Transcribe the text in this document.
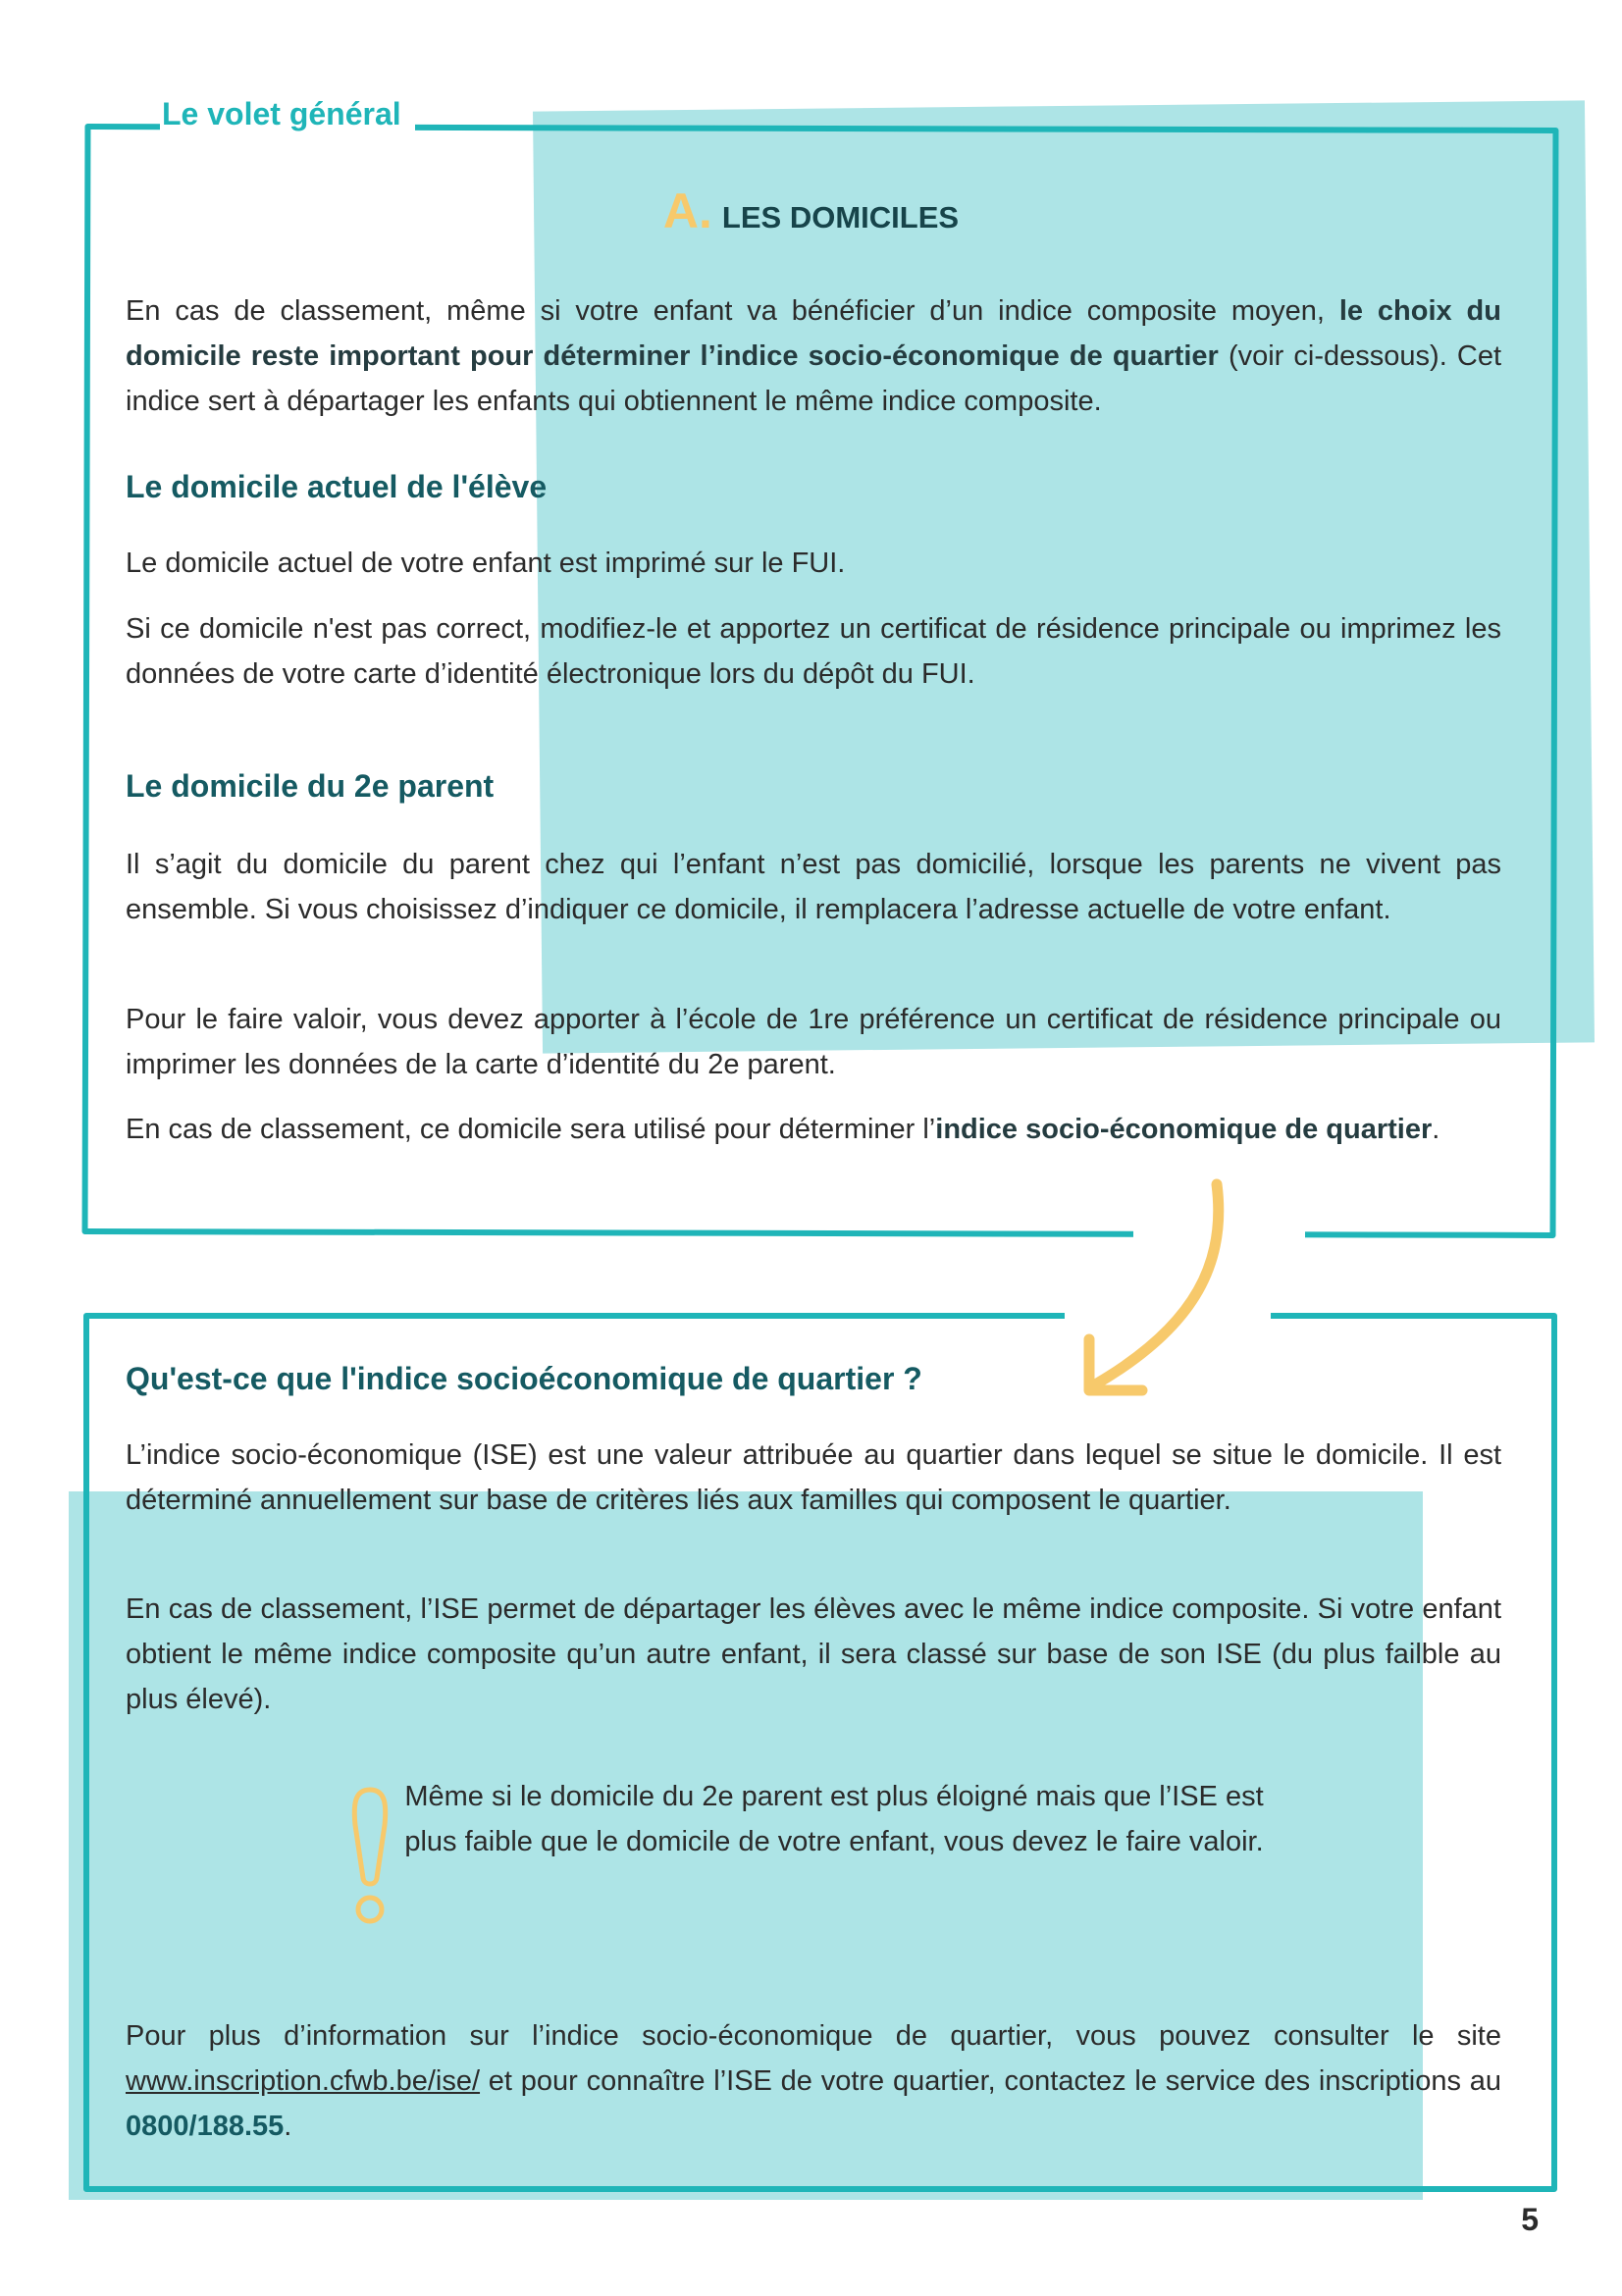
Le volet général
A. LES DOMICILES
En cas de classement, même si votre enfant va bénéficier d’un indice composite moyen, le choix du domicile reste important pour déterminer l’indice socio-économique de quartier (voir ci-dessous). Cet indice sert à départager les enfants qui obtiennent le même indice composite.
Le domicile actuel de l'élève
Le domicile actuel de votre enfant est imprimé sur le FUI.
Si ce domicile n'est pas correct, modifiez-le et apportez un certificat de résidence principale ou imprimez les données de votre carte d’identité électronique lors du dépôt du FUI.
Le domicile du 2e parent
Il s’agit du domicile du parent chez qui l’enfant n’est pas domicilié, lorsque les parents ne vivent pas ensemble. Si vous choisissez d’indiquer ce domicile, il remplacera l’adresse actuelle de votre enfant.
Pour le faire valoir, vous devez apporter à l’école de 1re préférence un certificat de résidence principale ou imprimer les données de la carte d’identité du 2e parent.
En cas de classement, ce domicile sera utilisé pour déterminer l’indice socio-économique de quartier.
Qu'est-ce que l'indice socioéconomique de quartier ?
L’indice socio-économique (ISE) est une valeur attribuée au quartier dans lequel se situe le domicile. Il est déterminé annuellement sur base de critères liés aux familles qui composent le quartier.
En cas de classement, l’ISE permet de départager les élèves avec le même indice composite. Si votre enfant obtient le même indice composite qu’un autre enfant, il sera classé sur base de son ISE (du plus failble au plus élevé).
Même si le domicile du 2e parent est plus éloigné mais que l’ISE est plus faible que le domicile de votre enfant, vous devez le faire valoir.
Pour plus d’information sur l’indice socio-économique de quartier, vous pouvez consulter le site www.inscription.cfwb.be/ise/ et pour connaître l’ISE de votre quartier, contactez le service des inscriptions au 0800/188.55.
5
